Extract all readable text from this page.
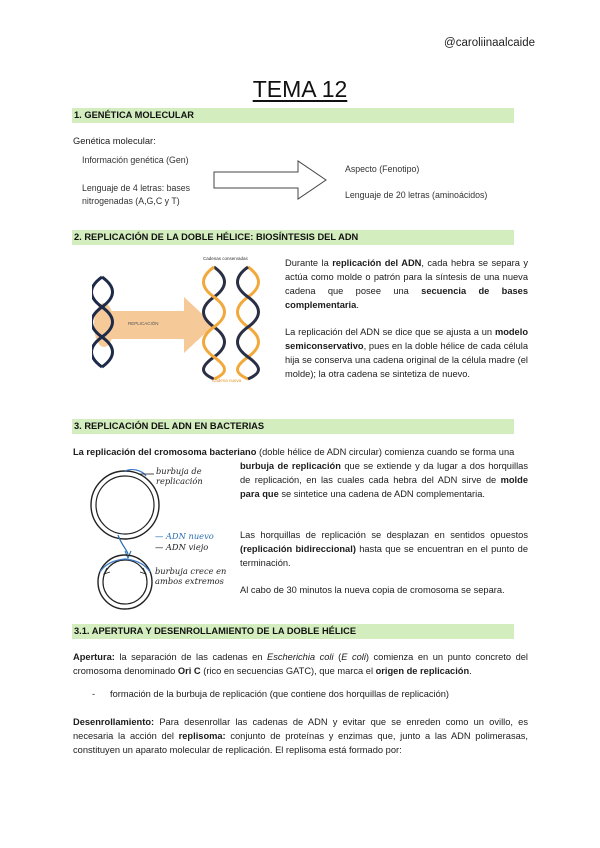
@caroliinaalcaide
TEMA 12
1. GENÉTICA MOLECULAR
Genética molecular:
Información genética (Gen)
Lenguaje de 4 letras: bases
nitrogenadas (A,G,C y T)
Aspecto (Fenotipo)
Lenguaje de 20 letras (aminoácidos)
2. REPLICACIÓN DE LA DOBLE HÉLICE: BIOSÍNTESIS DEL ADN
Cadenas conservadas
REPLICACIÓN
Cadena nueva
Durante la replicación del ADN, cada hebra se separa y actúa como molde o patrón para la síntesis de una nueva cadena que posee una secuencia de bases complementaria.
La replicación del ADN se dice que se ajusta a un modelo semiconservativo, pues en la doble hélice de cada célula hija se conserva una cadena original de la célula madre (el molde); la otra cadena se sintetiza de nuevo.
3. REPLICACIÓN DEL ADN EN BACTERIAS
La replicación del cromosoma bacteriano (doble hélice de ADN circular) comienza cuando se forma una
burbuja de replicación que se extiende y da lugar a dos horquillas de replicación, en las cuales cada hebra del ADN sirve de molde para que se sintetice una cadena de ADN complementaria.
burbuja de
replicación
— ADN nuevo
— ADN viejo
burbuja crece en
ambos extremos
Las horquillas de replicación se desplazan en sentidos opuestos (replicación bidireccional) hasta que se encuentran en el punto de terminación.
Al cabo de 30 minutos la nueva copia de cromosoma se separa.
3.1. APERTURA Y DESENROLLAMIENTO DE LA DOBLE HÉLICE
Apertura: la separación de las cadenas en Escherichia coli (E coli) comienza en un punto concreto del cromosoma denominado Ori C (rico en secuencias GATC), que marca el origen de replicación.
- formación de la burbuja de replicación (que contiene dos horquillas de replicación)
Desenrollamiento: Para desenrollar las cadenas de ADN y evitar que se enreden como un ovillo, es necesaria la acción del replisoma: conjunto de proteínas y enzimas que, junto a las ADN polimerasas, constituyen un aparato molecular de replicación. El replisoma está formado por:
